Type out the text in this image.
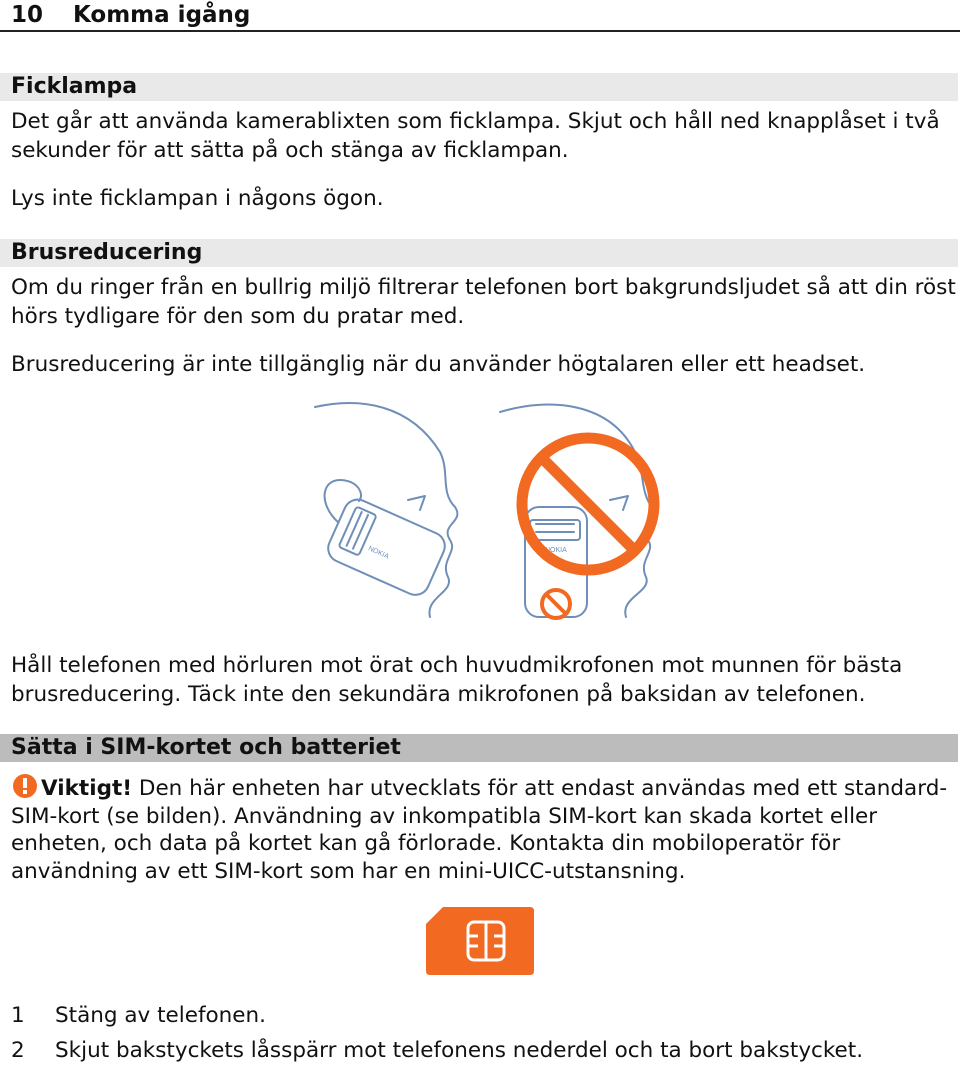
10 Komma igång
Ficklampa
Det går att använda kamerablixten som ficklampa. Skjut och håll ned knapplåset i två sekunder för att sätta på och stänga av ficklampan.
Lys inte ficklampan i någons ögon.
Brusreducering
Om du ringer från en bullrig miljö filtrerar telefonen bort bakgrundsljudet så att din röst hörs tydligare för den som du pratar med.
Brusreducering är inte tillgänglig när du använder högtalaren eller ett headset.
NOKIA	NOKIA
Håll telefonen med hörluren mot örat och huvudmikrofonen mot munnen för bästa brusreducering. Täck inte den sekundära mikrofonen på baksidan av telefonen.
Sätta i SIM-kortet och batteriet
Viktigt! Den här enheten har utvecklats för att endast användas med ett standard-SIM-kort (se bilden). Användning av inkompatibla SIM-kort kan skada kortet eller enheten, och data på kortet kan gå förlorade. Kontakta din mobiloperatör för användning av ett SIM-kort som har en mini-UICC-utstansning.
1 Stäng av telefonen.
2 Skjut bakstyckets låsspärr mot telefonens nederdel och ta bort bakstycket.
